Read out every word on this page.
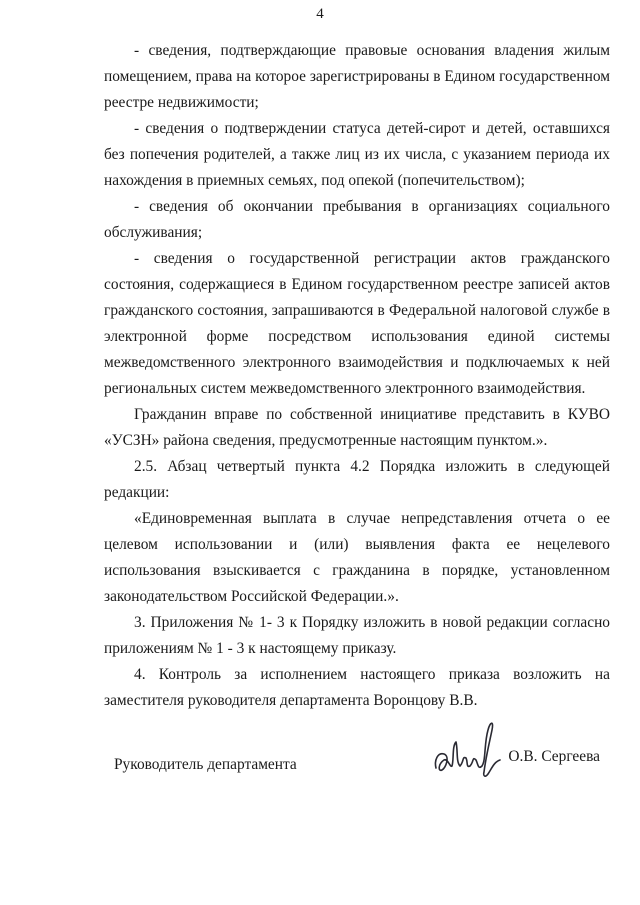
4

- сведения, подтверждающие правовые основания владения жилым помещением, права на которое зарегистрированы в Едином государственном реестре недвижимости;

- сведения о подтверждении статуса детей-сирот и детей, оставшихся без попечения родителей, а также лиц из их числа, с указанием периода их нахождения в приемных семьях, под опекой (попечительством);

- сведения об окончании пребывания в организациях социального обслуживания;

- сведения о государственной регистрации актов гражданского состояния, содержащиеся в Едином государственном реестре записей актов гражданского состояния, запрашиваются в Федеральной налоговой службе в электронной форме посредством использования единой системы межведомственного электронного взаимодействия и подключаемых к ней региональных систем межведомственного электронного взаимодействия.

Гражданин вправе по собственной инициативе представить в КУВО «УСЗН» района сведения, предусмотренные настоящим пунктом.».

2.5. Абзац четвертый пункта 4.2 Порядка изложить в следующей редакции:

«Единовременная выплата в случае непредставления отчета о ее целевом использовании и (или) выявления факта ее нецелевого использования взыскивается с гражданина в порядке, установленном законодательством Российской Федерации.».

3. Приложения № 1- 3 к Порядку изложить в новой редакции согласно приложениям № 1 - 3 к настоящему приказу.

4. Контроль за исполнением настоящего приказа возложить на заместителя руководителя департамента Воронцову В.В.

Руководитель департамента	О.В. Сергеева
